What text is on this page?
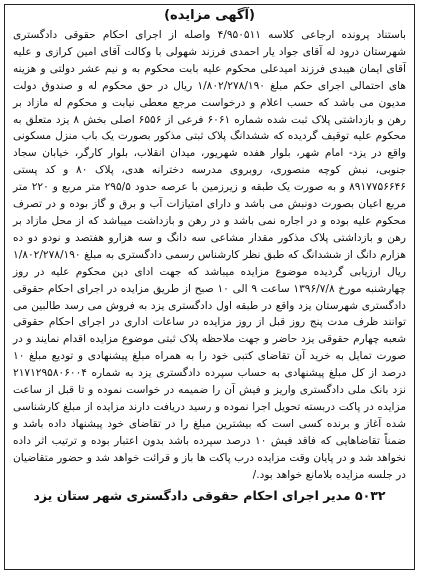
(آگهی مزایده)

باستناد پرونده ارجاعی کلاسه ۴/۹۵۰۵۱۱ واصله از اجرای احکام حقوقی دادگستری شهرستان درود له آقای جواد یار احمدی فرزند شهولی با وکالت آقای امین کرازی و علیه آقای ایمان هیبدی فرزند امیدعلی محکوم علیه بابت محکوم به و نیم عشر دولتی و هزینه های احتمالی اجرای حکم مبلغ ۱/۸۰۲/۲۷۸/۱۹۰ ریال در حق محکوم له و صندوق دولت مدیون می باشد که حسب اعلام و درخواست مرجع معطی نیابت و محکوم له مازاد بر رهن و بازداشتی پلاک ثبت شده شماره ۶۰۶۱ فرعی از ۶۵۵۶ اصلی بخش ۸ یزد متعلق به محکوم علیه توقیف گردیده که ششدانگ پلاک ثبتی مذکور بصورت یک باب منزل مسکونی واقع در یزد- امام شهر، بلوار هفده شهریور، میدان انقلاب، بلوار کارگر، خیابان سجاد جنوبی، نبش کوچه منصوری، روبروی مدرسه دخترانه هدی، پلاک ۸۰ و کد پستی ۸۹۱۷۷۵۶۶۴۶ و به صورت یک طبقه و زیرزمین با عرصه حدود ۲۹۵/۵ متر مربع و ۲۲۰ متر مربع اعیان بصورت دونبش می باشد و دارای امتیازات آب و برق و گاز بوده و در تصرف محکوم علیه بوده و در اجاره نمی باشد و در رهن و بازداشت میباشد که از محل مازاد بر رهن و بازداشتی پلاک مذکور مقدار مشاعی سه دانگ و سه هزارو هفتصد و نودو دو ده هزارم دانگ از ششدانگ که طبق نظر کارشناس رسمی دادگستری به مبلغ ۱/۸۰۲/۲۷۸/۱۹۰ ریال ارزیابی گردیده موضوع مزایده میباشد که جهت ادای دین محکوم علیه در روز چهارشنبه مورخ ۱۳۹۶/۷/۸ ساعت ۹ الی ۱۰ صبح از طریق مزایده در اجرای احکام حقوقی دادگستری شهرستان یزد واقع در طبقه اول دادگستری یزد به فروش می رسد طالبین می توانند ظرف مدت پنج روز قبل از روز مزایده در ساعات اداری در اجرای احکام حقوقی شعبه چهارم حقوقی یزد حاضر و جهت ملاحظه پلاک ثبتی موضوع مزایده اقدام نمایند و در صورت تمایل به خرید آن تقاضای کتبی خود را به همراه مبلغ پیشنهادی و تودیع مبلغ ۱۰ درصد از کل مبلغ پیشنهادی به حساب سپرده دادگستری یزد به شماره ۲۱۷۱۲۹۵۸۰۶۰۰۴ نزد بانک ملی دادگستری واریز و فیش آن را ضمیمه در خواست نموده و تا قبل از ساعت مزایده در پاکت دربسته تحویل اجرا نموده و رسید دریافت دارند مزایده از مبلغ کارشناسی شده آغاز و برنده کسی است که بیشترین مبلغ را در تقاضای خود پیشنهاد داده باشد و ضمناً تقاضاهایی که فاقد فیش ۱۰ درصد سپرده باشد بدون اعتبار بوده و ترتیب اثر داده نخواهد شد و در پایان وقت مزایده درب پاکت ها باز و قرائت خواهد شد و حضور متقاضیان در جلسه مزایده بلامانع خواهد بود./

۵۰۳۲ مدیر اجرای احکام حقوقی دادگستری شهر ستان یزد
